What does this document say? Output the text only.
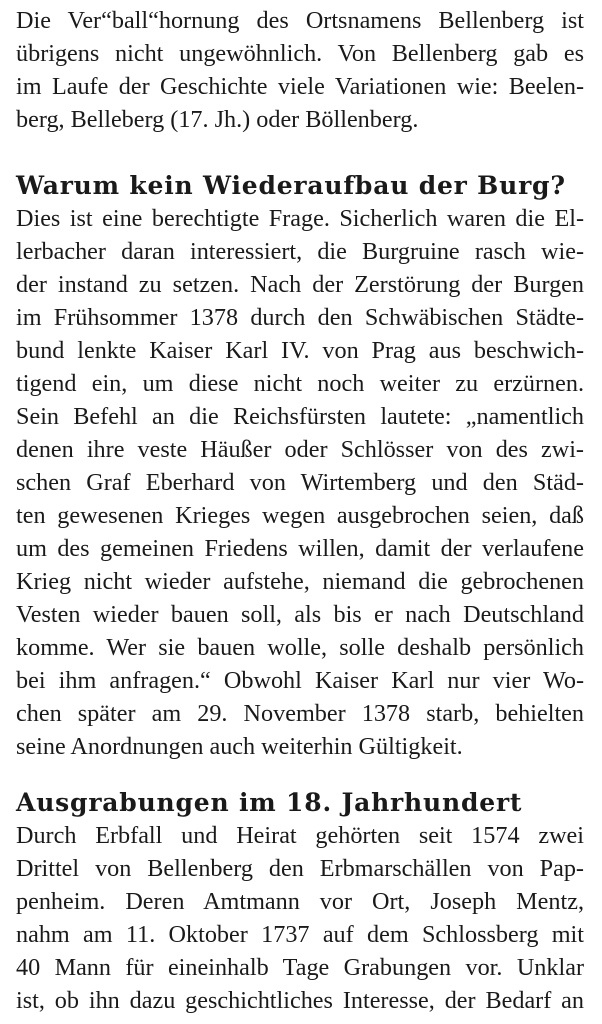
Die Ver“ball“hornung des Ortsnamens Bellenberg ist
übrigens nicht ungewöhnlich. Von Bellenberg gab es
im Laufe der Geschichte viele Variationen wie: Beelen-
berg, Belleberg (17. Jh.) oder Böllenberg.
Warum kein Wiederaufbau der Burg?
Dies ist eine berechtigte Frage. Sicherlich waren die El-
lerbacher daran interessiert, die Burgruine rasch wie-
der instand zu setzen. Nach der Zerstörung der Burgen
im Frühsommer 1378 durch den Schwäbischen Städte-
bund lenkte Kaiser Karl IV. von Prag aus beschwich-
tigend ein, um diese nicht noch weiter zu erzürnen.
Sein Befehl an die Reichsfürsten lautete: „namentlich
denen ihre veste Häußer oder Schlösser von des zwi-
schen Graf Eberhard von Wirtemberg und den Städ-
ten gewesenen Krieges wegen ausgebrochen seien, daß
um des gemeinen Friedens willen, damit der verlaufene
Krieg nicht wieder aufstehe, niemand die gebrochenen
Vesten wieder bauen soll, als bis er nach Deutschland
komme. Wer sie bauen wolle, solle deshalb persönlich
bei ihm anfragen.“ Obwohl Kaiser Karl nur vier Wo-
chen später am 29. November 1378 starb, behielten
seine Anordnungen auch weiterhin Gültigkeit.
Ausgrabungen im 18. Jahrhundert
Durch Erbfall und Heirat gehörten seit 1574 zwei
Drittel von Bellenberg den Erbmarschällen von Pap-
penheim. Deren Amtmann vor Ort, Joseph Mentz,
nahm am 11. Oktober 1737 auf dem Schlossberg mit
40 Mann für eineinhalb Tage Grabungen vor. Unklar
ist, ob ihn dazu geschichtliches Interesse, der Bedarf an
